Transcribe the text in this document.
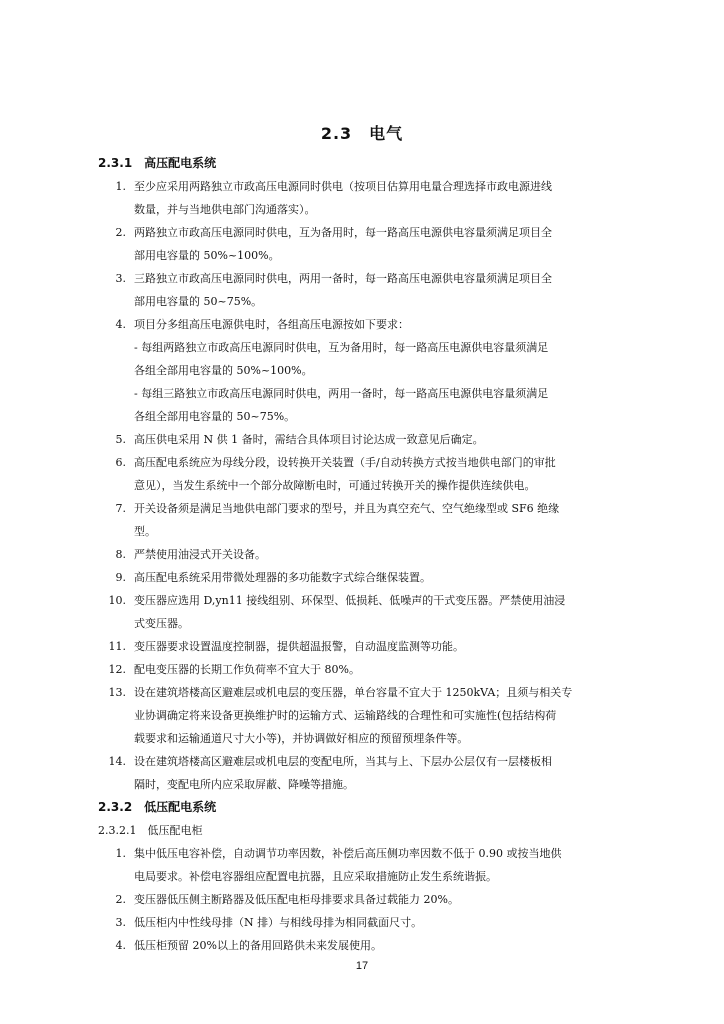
2.3　电气
2.3.1　高压配电系统
1. 至少应采用两路独立市政高压电源同时供电（按项目估算用电量合理选择市政电源进线
数量，并与当地供电部门沟通落实）。
2. 两路独立市政高压电源同时供电，互为备用时，每一路高压电源供电容量须满足项目全
部用电容量的 50%~100%。
3. 三路独立市政高压电源同时供电，两用一备时，每一路高压电源供电容量须满足项目全
部用电容量的 50~75%。
4. 项目分多组高压电源供电时，各组高压电源按如下要求：
- 每组两路独立市政高压电源同时供电，互为备用时，每一路高压电源供电容量须满足
各组全部用电容量的 50%~100%。
- 每组三路独立市政高压电源同时供电，两用一备时，每一路高压电源供电容量须满足
各组全部用电容量的 50~75%。
5. 高压供电采用 N 供 1 备时，需结合具体项目讨论达成一致意见后确定。
6. 高压配电系统应为母线分段，设转换开关装置（手/自动转换方式按当地供电部门的审批
意见），当发生系统中一个部分故障断电时，可通过转换开关的操作提供连续供电。
7. 开关设备须是满足当地供电部门要求的型号，并且为真空充气、空气绝缘型或 SF6 绝缘
型。
8. 严禁使用油浸式开关设备。
9. 高压配电系统采用带微处理器的多功能数字式综合继保装置。
10. 变压器应选用 D,yn11 接线组别、环保型、低损耗、低噪声的干式变压器。严禁使用油浸
式变压器。
11. 变压器要求设置温度控制器，提供超温报警，自动温度监测等功能。
12. 配电变压器的长期工作负荷率不宜大于 80%。
13. 设在建筑塔楼高区避难层或机电层的变压器，单台容量不宜大于 1250kVA；且须与相关专
业协调确定将来设备更换维护时的运输方式、运输路线的合理性和可实施性(包括结构荷
载要求和运输通道尺寸大小等)，并协调做好相应的预留预埋条件等。
14. 设在建筑塔楼高区避难层或机电层的变配电所，当其与上、下层办公层仅有一层楼板相
隔时，变配电所内应采取屏蔽、降噪等措施。
2.3.2　低压配电系统
2.3.2.1　低压配电柜
1. 集中低压电容补偿，自动调节功率因数，补偿后高压侧功率因数不低于 0.90 或按当地供
电局要求。补偿电容器组应配置电抗器，且应采取措施防止发生系统谐振。
2. 变压器低压侧主断路器及低压配电柜母排要求具备过载能力 20%。
3. 低压柜内中性线母排（N 排）与相线母排为相同截面尺寸。
4. 低压柜预留 20%以上的备用回路供未来发展使用。
17
